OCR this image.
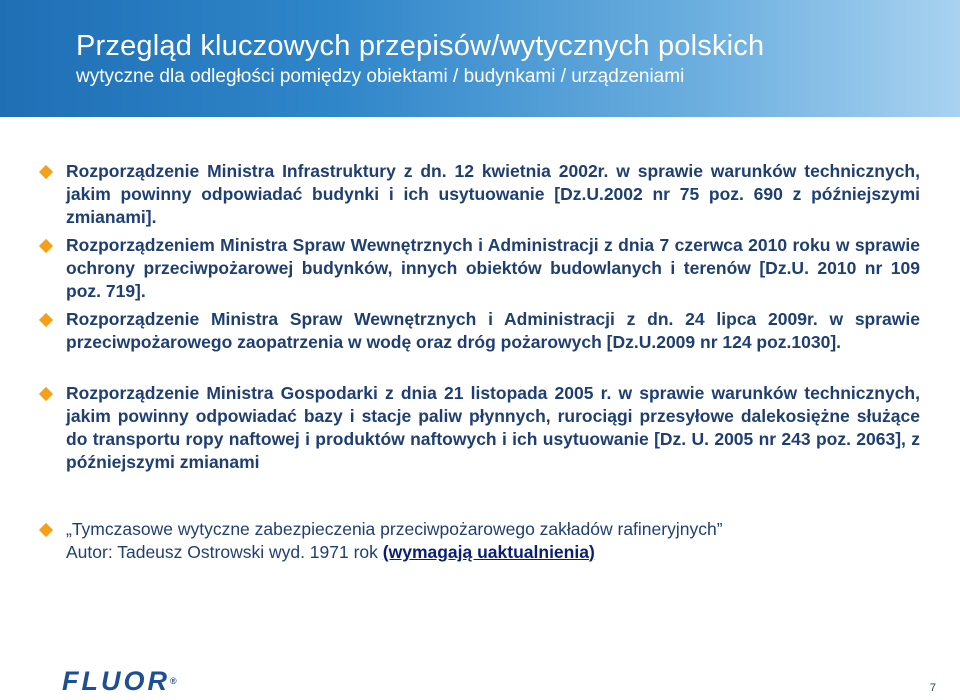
Przegląd kluczowych przepisów/wytycznych polskich
wytyczne dla odległości pomiędzy obiektami / budynkami / urządzeniami
Rozporządzenie Ministra Infrastruktury z dn. 12 kwietnia 2002r. w sprawie warunków technicznych, jakim powinny odpowiadać budynki i ich usytuowanie [Dz.U.2002 nr 75 poz. 690 z późniejszymi zmianami].
Rozporządzeniem Ministra Spraw Wewnętrznych i Administracji z dnia 7 czerwca 2010 roku w sprawie ochrony przeciwpożarowej budynków, innych obiektów budowlanych i terenów [Dz.U. 2010 nr 109 poz. 719].
Rozporządzenie Ministra Spraw Wewnętrznych i Administracji z dn. 24 lipca 2009r. w sprawie przeciwpożarowego zaopatrzenia w wodę oraz dróg pożarowych [Dz.U.2009 nr 124 poz.1030].
Rozporządzenie Ministra Gospodarki z dnia 21 listopada 2005 r. w sprawie warunków technicznych, jakim powinny odpowiadać bazy i stacje paliw płynnych, rurociągi przesyłowe dalekosiężne służące do transportu ropy naftowej i produktów naftowych i ich usytuowanie [Dz. U. 2005 nr 243 poz. 2063], z późniejszymi zmianami
„Tymczasowe wytyczne zabezpieczenia przeciwpożarowego zakładów rafineryjnych”
Autor: Tadeusz Ostrowski wyd. 1971 rok (wymagają uaktualnienia)
FLUOR®
7
